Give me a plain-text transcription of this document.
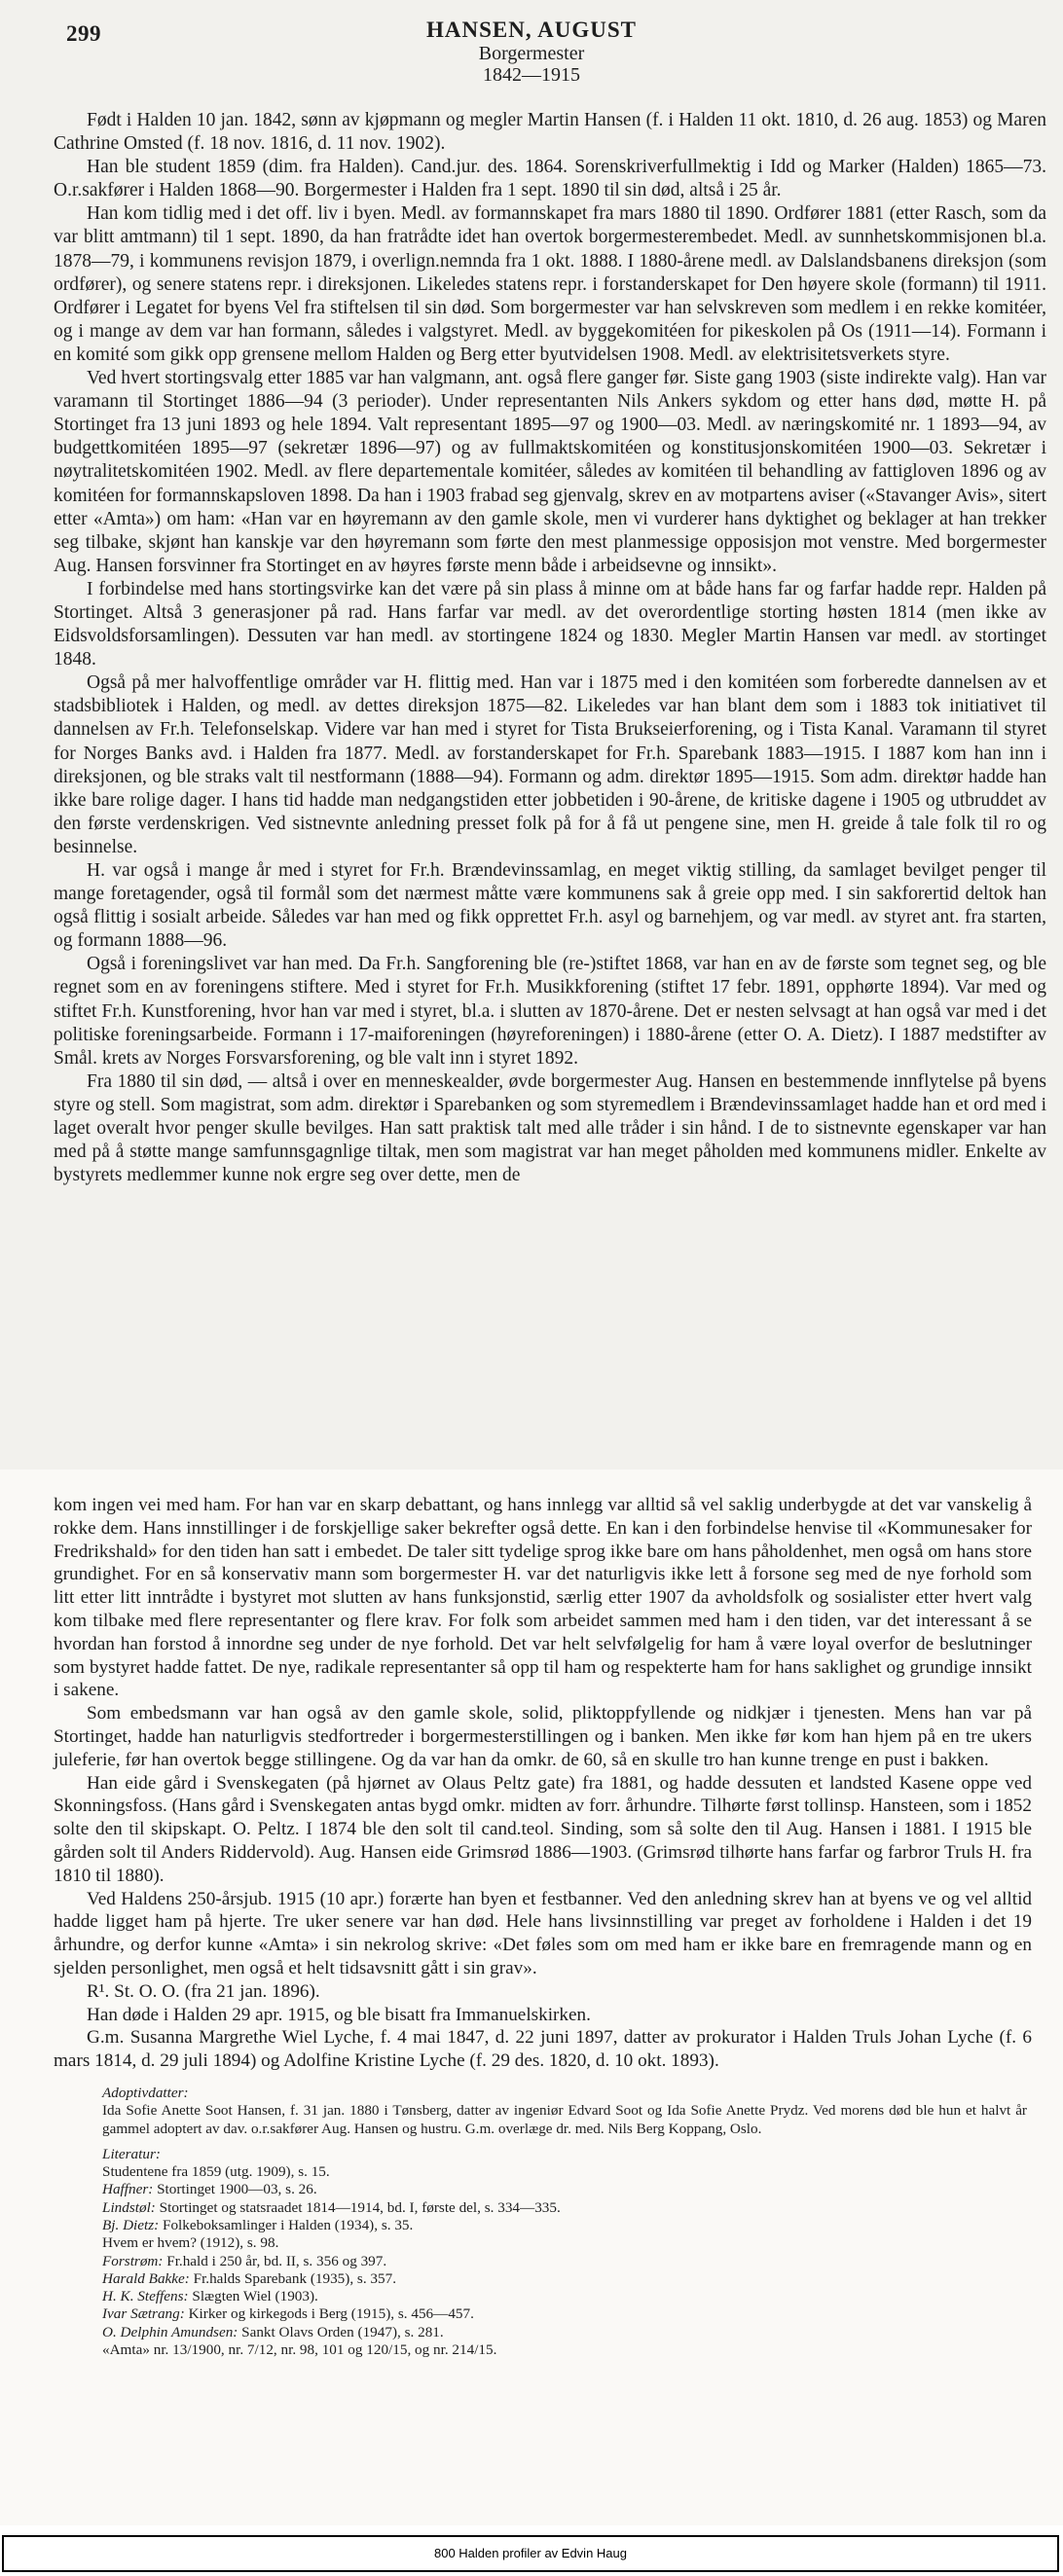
299	HANSEN, AUGUST
Borgermester
1842—1915

Født i Halden 10 jan. 1842, sønn av kjøpmann og megler Martin Hansen (f. i Halden 11 okt. 1810, d. 26 aug. 1853) og Maren Cathrine Omsted (f. 18 nov. 1816, d. 11 nov. 1902).

Han ble student 1859 (dim. fra Halden). Cand.jur. des. 1864. Sorenskriverfullmektig i Idd og Marker (Halden) 1865—73. O.r.sakfører i Halden 1868—90. Borgermester i Halden fra 1 sept. 1890 til sin død, altså i 25 år.

Han kom tidlig med i det off. liv i byen. Medl. av formannskapet fra mars 1880 til 1890. Ordfører 1881 (etter Rasch, som da var blitt amtmann) til 1 sept. 1890, da han fratrådte idet han overtok borgermesterembedet. Medl. av sunnhetskommisjonen bl.a. 1878—79, i kommunens revisjon 1879, i overlign.nemnda fra 1 okt. 1888. I 1880-årene medl. av Dalslandsbanens direksjon (som ordfører), og senere statens repr. i direksjonen. Likeledes statens repr. i forstanderskapet for Den høyere skole (formann) til 1911. Ordfører i Legatet for byens Vel fra stiftelsen til sin død. Som borgermester var han selvskreven som medlem i en rekke komitéer, og i mange av dem var han formann, således i valgstyret. Medl. av byggekomitéen for pikeskolen på Os (1911—14). Formann i en komité som gikk opp grensene mellom Halden og Berg etter byutvidelsen 1908. Medl. av elektrisitetsverkets styre.

Ved hvert stortingsvalg etter 1885 var han valgmann, ant. også flere ganger før. Siste gang 1903 (siste indirekte valg). Han var varamann til Stortinget 1886—94 (3 perioder). Under representanten Nils Ankers sykdom og etter hans død, møtte H. på Stortinget fra 13 juni 1893 og hele 1894. Valt representant 1895—97 og 1900—03. Medl. av næringskomité nr. 1 1893—94, av budgettkomitéen 1895—97 (sekretær 1896—97) og av fullmaktskomitéen og konstitusjonskomitéen 1900—03. Sekretær i nøytralitetskomitéen 1902. Medl. av flere departementale komitéer, således av komitéen til behandling av fattigloven 1896 og av komitéen for formannskapsloven 1898. Da han i 1903 frabad seg gjenvalg, skrev en av motpartens aviser («Stavanger Avis», sitert etter «Amta») om ham: «Han var en høyremann av den gamle skole, men vi vurderer hans dyktighet og beklager at han trekker seg tilbake, skjønt han kanskje var den høyremann som førte den mest planmessige opposisjon mot venstre. Med borgermester Aug. Hansen forsvinner fra Stortinget en av høyres første menn både i arbeidsevne og innsikt».

I forbindelse med hans stortingsvirke kan det være på sin plass å minne om at både hans far og farfar hadde repr. Halden på Stortinget. Altså 3 generasjoner på rad. Hans farfar var medl. av det overordentlige storting høsten 1814 (men ikke av Eidsvoldsforsamlingen). Dessuten var han medl. av stortingene 1824 og 1830. Megler Martin Hansen var medl. av stortinget 1848.

Også på mer halvoffentlige områder var H. flittig med. Han var i 1875 med i den komitéen som forberedte dannelsen av et stadsbibliotek i Halden, og medl. av dettes direksjon 1875—82. Likeledes var han blant dem som i 1883 tok initiativet til dannelsen av Fr.h. Telefonselskap. Videre var han med i styret for Tista Brukseierforening, og i Tista Kanal. Varamann til styret for Norges Banks avd. i Halden fra 1877. Medl. av forstanderskapet for Fr.h. Sparebank 1883—1915. I 1887 kom han inn i direksjonen, og ble straks valt til nestformann (1888—94). Formann og adm. direktør 1895—1915. Som adm. direktør hadde han ikke bare rolige dager. I hans tid hadde man nedgangstiden etter jobbetiden i 90-årene, de kritiske dagene i 1905 og utbruddet av den første verdenskrigen. Ved sistnevnte anledning presset folk på for å få ut pengene sine, men H. greide å tale folk til ro og besinnelse.

H. var også i mange år med i styret for Fr.h. Brændevinssamlag, en meget viktig stilling, da samlaget bevilget penger til mange foretagender, også til formål som det nærmest måtte være kommunens sak å greie opp med. I sin sakforertid deltok han også flittig i sosialt arbeide. Således var han med og fikk opprettet Fr.h. asyl og barnehjem, og var medl. av styret ant. fra starten, og formann 1888—96.

Også i foreningslivet var han med. Da Fr.h. Sangforening ble (re-)stiftet 1868, var han en av de første som tegnet seg, og ble regnet som en av foreningens stiftere. Med i styret for Fr.h. Musikkforening (stiftet 17 febr. 1891, opphørte 1894). Var med og stiftet Fr.h. Kunstforening, hvor han var med i styret, bl.a. i slutten av 1870-årene. Det er nesten selvsagt at han også var med i det politiske foreningsarbeide. Formann i 17-maiforeningen (høyreforeningen) i 1880-årene (etter O. A. Dietz). I 1887 medstifter av Smål. krets av Norges Forsvarsforening, og ble valt inn i styret 1892.

Fra 1880 til sin død, — altså i over en menneskealder, øvde borgermester Aug. Hansen en bestemmende innflytelse på byens styre og stell. Som magistrat, som adm. direktør i Sparebanken og som styremedlem i Brændevinssamlaget hadde han et ord med i laget overalt hvor penger skulle bevilges. Han satt praktisk talt med alle tråder i sin hånd. I de to sistnevnte egenskaper var han med på å støtte mange samfunnsgagnlige tiltak, men som magistrat var han meget påholden med kommunens midler. Enkelte av bystyrets medlemmer kunne nok ergre seg over dette, men de

kom ingen vei med ham. For han var en skarp debattant, og hans innlegg var alltid så vel saklig underbygde at det var vanskelig å rokke dem. Hans innstillinger i de forskjellige saker bekrefter også dette. En kan i den forbindelse henvise til «Kommunesaker for Fredrikshald» for den tiden han satt i embedet. De taler sitt tydelige sprog ikke bare om hans påholdenhet, men også om hans store grundighet. For en så konservativ mann som borgermester H. var det naturligvis ikke lett å forsone seg med de nye forhold som litt etter litt inntrådte i bystyret mot slutten av hans funksjonstid, særlig etter 1907 da avholdsfolk og sosialister etter hvert valg kom tilbake med flere representanter og flere krav. For folk som arbeidet sammen med ham i den tiden, var det interessant å se hvordan han forstod å innordne seg under de nye forhold. Det var helt selvfølgelig for ham å være loyal overfor de beslutninger som bystyret hadde fattet. De nye, radikale representanter så opp til ham og respekterte ham for hans saklighet og grundige innsikt i sakene.

Som embedsmann var han også av den gamle skole, solid, pliktoppfyllende og nidkjær i tjenesten. Mens han var på Stortinget, hadde han naturligvis stedfortreder i borgermesterstillingen og i banken. Men ikke før kom han hjem på en tre ukers juleferie, før han overtok begge stillingene. Og da var han da omkr. de 60, så en skulle tro han kunne trenge en pust i bakken.

Han eide gård i Svenskegaten (på hjørnet av Olaus Peltz gate) fra 1881, og hadde dessuten et landsted Kasene oppe ved Skonningsfoss. (Hans gård i Svenskegaten antas bygd omkr. midten av forr. århundre. Tilhørte først tollinsp. Hansteen, som i 1852 solte den til skipskapt. O. Peltz. I 1874 ble den solt til cand.teol. Sinding, som så solte den til Aug. Hansen i 1881. I 1915 ble gården solt til Anders Riddervold). Aug. Hansen eide Grimsrød 1886—1903. (Grimsrød tilhørte hans farfar og farbror Truls H. fra 1810 til 1880).

Ved Haldens 250-årsjub. 1915 (10 apr.) forærte han byen et festbanner. Ved den anledning skrev han at byens ve og vel alltid hadde ligget ham på hjerte. Tre uker senere var han død. Hele hans livsinnstilling var preget av forholdene i Halden i det 19 århundre, og derfor kunne «Amta» i sin nekrolog skrive: «Det føles som om med ham er ikke bare en fremragende mann og en sjelden personlighet, men også et helt tidsavsnitt gått i sin grav».

R¹. St. O. O. (fra 21 jan. 1896).

Han døde i Halden 29 apr. 1915, og ble bisatt fra Immanuelskirken.

G.m. Susanna Margrethe Wiel Lyche, f. 4 mai 1847, d. 22 juni 1897, datter av prokurator i Halden Truls Johan Lyche (f. 6 mars 1814, d. 29 juli 1894) og Adolfine Kristine Lyche (f. 29 des. 1820, d. 10 okt. 1893).

Adoptivdatter:
Ida Sofie Anette Soot Hansen, f. 31 jan. 1880 i Tønsberg, datter av ingeniør Edvard Soot og Ida Sofie Anette Prydz. Ved morens død ble hun et halvt år gammel adoptert av dav. o.r.sakfører Aug. Hansen og hustru. G.m. overlæge dr. med. Nils Berg Koppang, Oslo.
Literatur:
Studentene fra 1859 (utg. 1909), s. 15.
Haffner: Stortinget 1900—03, s. 26.
Lindstøl: Stortinget og statsraadet 1814—1914, bd. I, første del, s. 334—335.
Bj. Dietz: Folkeboksamlinger i Halden (1934), s. 35.
Hvem er hvem? (1912), s. 98.
Forstrøm: Fr.hald i 250 år, bd. II, s. 356 og 397.
Harald Bakke: Fr.halds Sparebank (1935), s. 357.
H. K. Steffens: Slægten Wiel (1903).
Ivar Sætrang: Kirker og kirkegods i Berg (1915), s. 456—457.
O. Delphin Amundsen: Sankt Olavs Orden (1947), s. 281.
«Amta» nr. 13/1900, nr. 7/12, nr. 98, 101 og 120/15, og nr. 214/15.
800 Halden profiler av Edvin Haug
